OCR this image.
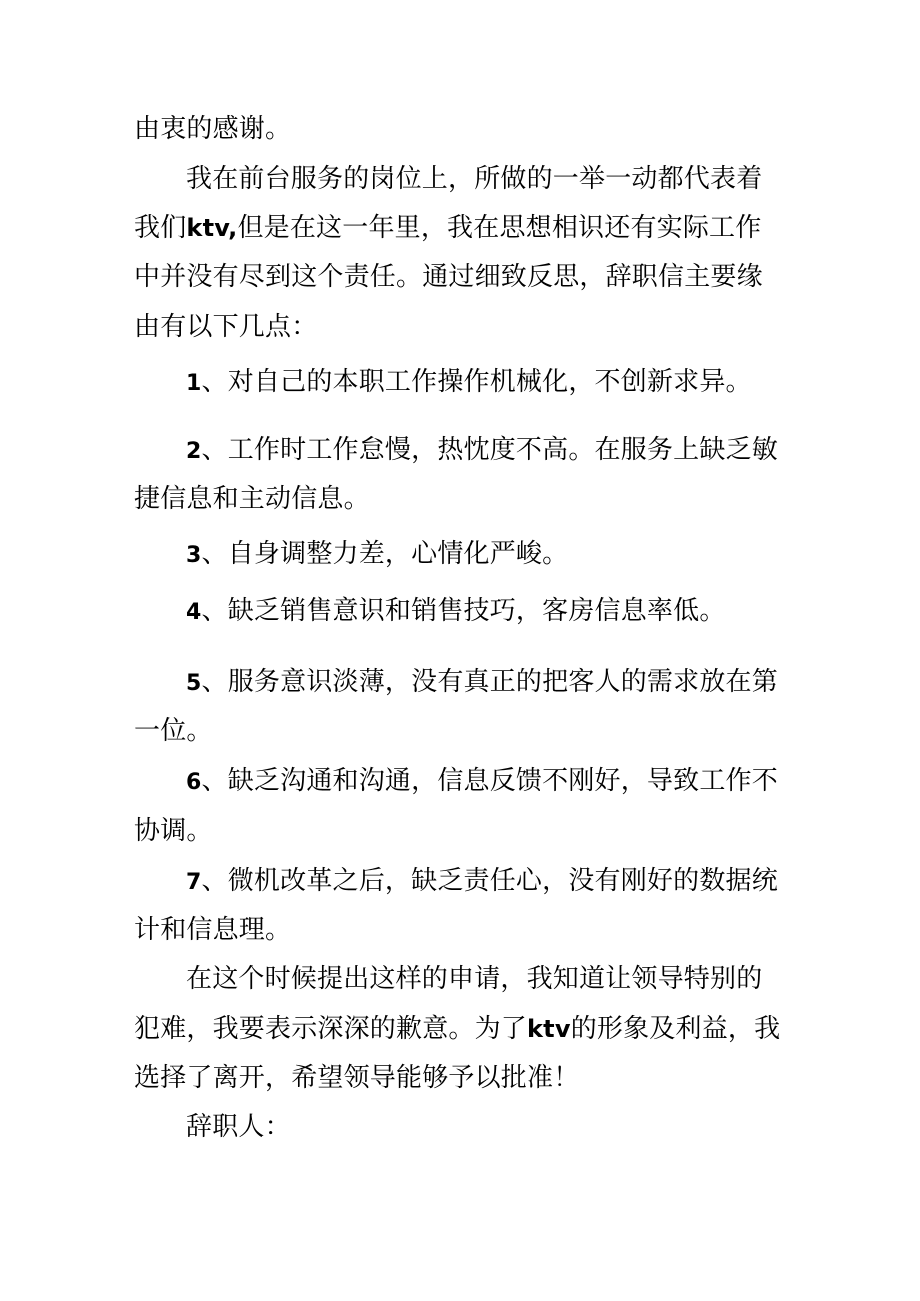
由衷的感谢。
我在前台服务的岗位上，所做的一举一动都代表着
我们ktv,但是在这一年里，我在思想相识还有实际工作
中并没有尽到这个责任。通过细致反思，辞职信主要缘
由有以下几点：
1、对自己的本职工作操作机械化，不创新求异。
2、工作时工作怠慢，热忱度不高。在服务上缺乏敏
捷信息和主动信息。
3、自身调整力差，心情化严峻。
4、缺乏销售意识和销售技巧，客房信息率低。
5、服务意识淡薄，没有真正的把客人的需求放在第
一位。
6、缺乏沟通和沟通，信息反馈不刚好，导致工作不
协调。
7、微机改革之后，缺乏责任心，没有刚好的数据统
计和信息理。
在这个时候提出这样的申请，我知道让领导特别的
犯难，我要表示深深的歉意。为了ktv的形象及利益，我
选择了离开，希望领导能够予以批准！
辞职人：
